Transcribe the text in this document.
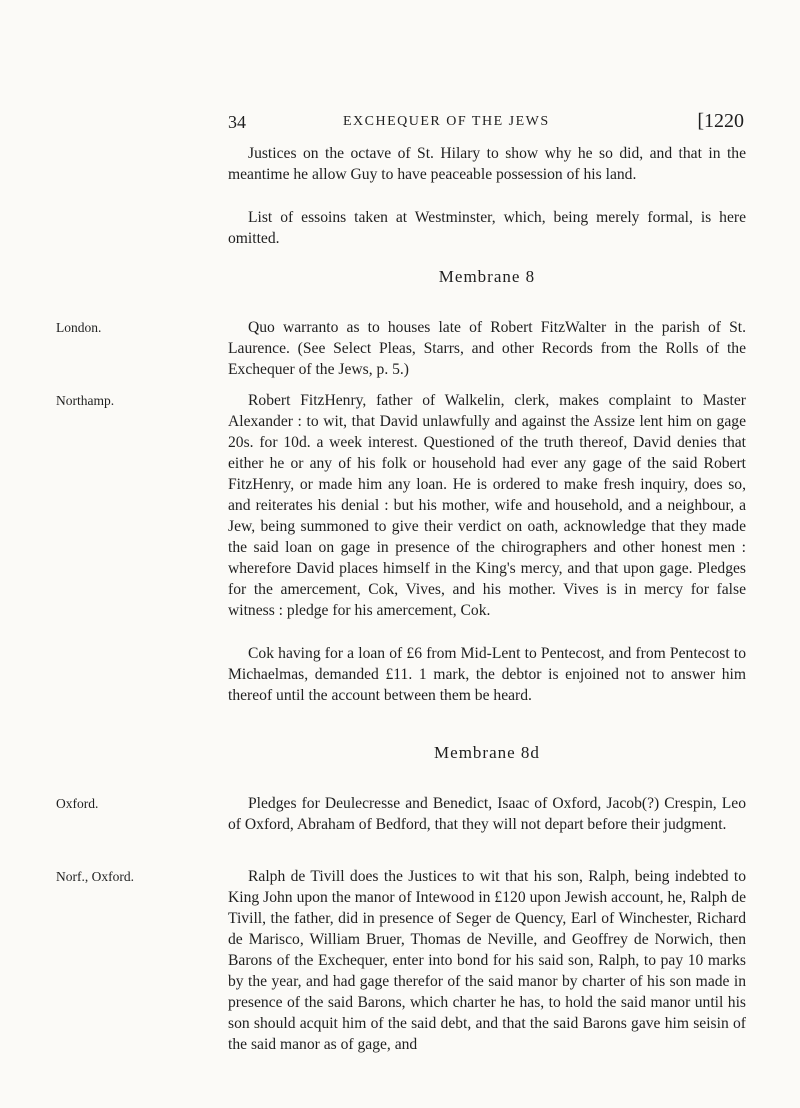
34	EXCHEQUER OF THE JEWS	[1220

Justices on the octave of St. Hilary to show why he so did, and that in the meantime he allow Guy to have peaceable possession of his land.

List of essoins taken at Westminster, which, being merely formal, is here omitted.

Membrane 8

London.	Quo warranto as to houses late of Robert FitzWalter in the parish of St. Laurence. (See Select Pleas, Starrs, and other Records from the Rolls of the Exchequer of the Jews, p. 5.)

Northamp.	Robert FitzHenry, father of Walkelin, clerk, makes complaint to Master Alexander : to wit, that David unlawfully and against the Assize lent him on gage 20s. for 10d. a week interest. Questioned of the truth thereof, David denies that either he or any of his folk or household had ever any gage of the said Robert FitzHenry, or made him any loan. He is ordered to make fresh inquiry, does so, and reiterates his denial : but his mother, wife and household, and a neighbour, a Jew, being summoned to give their verdict on oath, acknowledge that they made the said loan on gage in presence of the chirographers and other honest men : wherefore David places himself in the King's mercy, and that upon gage. Pledges for the amercement, Cok, Vives, and his mother. Vives is in mercy for false witness : pledge for his amercement, Cok.

Cok having for a loan of £6 from Mid-Lent to Pentecost, and from Pentecost to Michaelmas, demanded £11. 1 mark, the debtor is enjoined not to answer him thereof until the account between them be heard.

Membrane 8d

Oxford.	Pledges for Deulecresse and Benedict, Isaac of Oxford, Jacob(?) Crespin, Leo of Oxford, Abraham of Bedford, that they will not depart before their judgment.

Norf., Oxford.	Ralph de Tivill does the Justices to wit that his son, Ralph, being indebted to King John upon the manor of Intewood in £120 upon Jewish account, he, Ralph de Tivill, the father, did in presence of Seger de Quency, Earl of Winchester, Richard de Marisco, William Bruer, Thomas de Neville, and Geoffrey de Norwich, then Barons of the Exchequer, enter into bond for his said son, Ralph, to pay 10 marks by the year, and had gage therefor of the said manor by charter of his son made in presence of the said Barons, which charter he has, to hold the said manor until his son should acquit him of the said debt, and that the said Barons gave him seisin of the said manor as of gage, and
